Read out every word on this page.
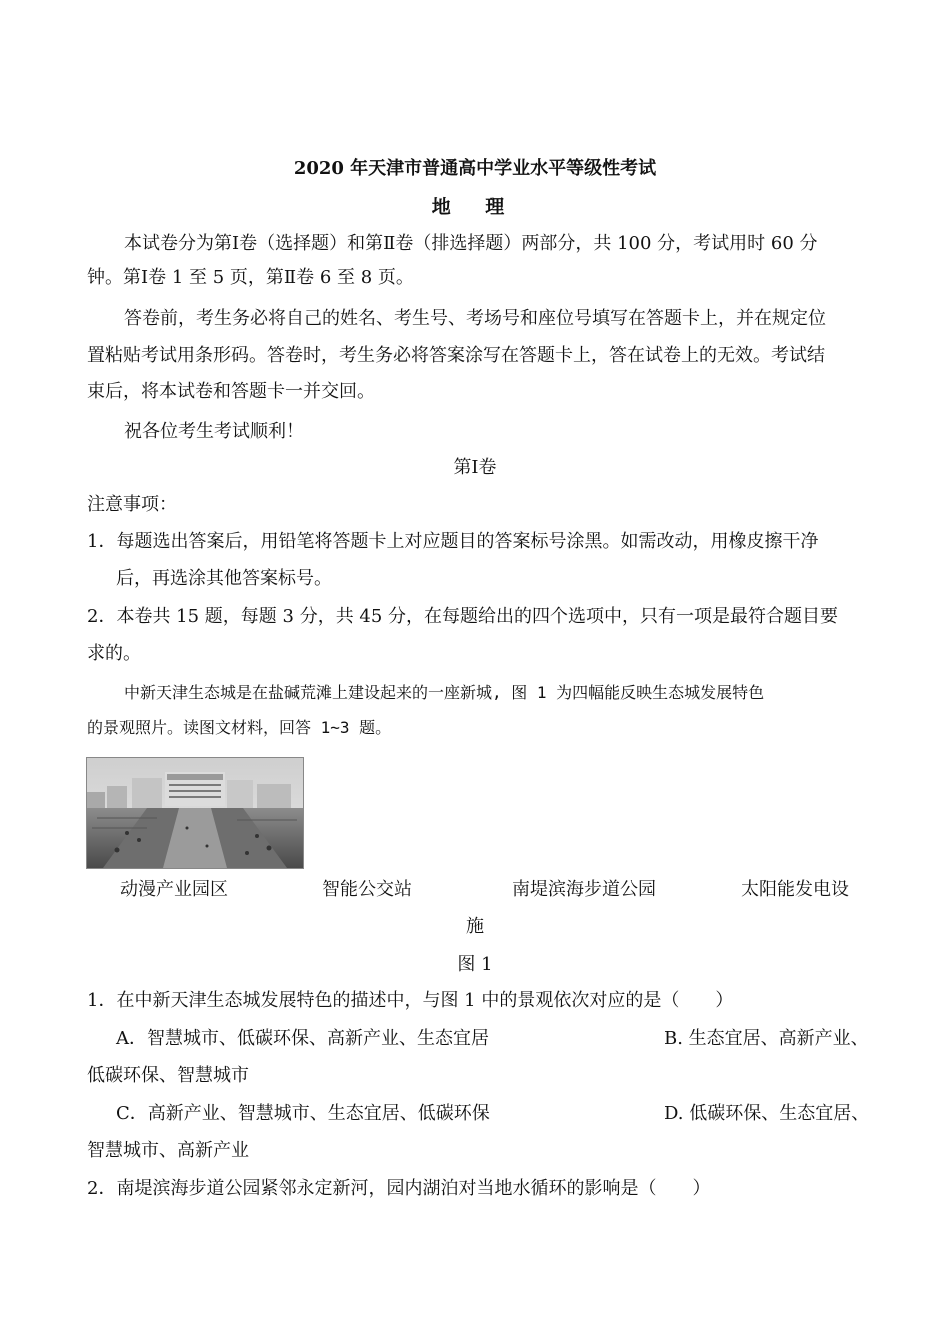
2020 年天津市普通高中学业水平等级性考试
地 理
本试卷分为第Ⅰ卷（选择题）和第Ⅱ卷（排选择题）两部分，共 100 分，考试用时 60 分
钟。第Ⅰ卷 1 至 5 页，第Ⅱ卷 6 至 8 页。
答卷前，考生务必将自己的姓名、考生号、考场号和座位号填写在答题卡上，并在规定位
置粘贴考试用条形码。答卷时，考生务必将答案涂写在答题卡上，答在试卷上的无效。考试结
束后，将本试卷和答题卡一并交回。
祝各位考生考试顺利！
第Ⅰ卷
注意事项：
1．每题选出答案后，用铅笔将答题卡上对应题目的答案标号涂黑。如需改动，用橡皮擦干净
后，再选涂其他答案标号。
2．本卷共 15 题，每题 3 分，共 45 分，在每题给出的四个选项中，只有一项是最符合题目要
求的。
中新天津生态城是在盐碱荒滩上建设起来的一座新城, 图 1 为四幅能反映生态城发展特色
的景观照片。读图文材料，回答 1~3 题。
动漫产业园区	智能公交站	南堤滨海步道公园	太阳能发电设
施
图 1
1．在中新天津生态城发展特色的描述中，与图 1 中的景观依次对应的是（　　）
A．智慧城市、低碳环保、高新产业、生态宜居	B. 生态宜居、高新产业、
低碳环保、智慧城市
C．高新产业、智慧城市、生态宜居、低碳环保	D. 低碳环保、生态宜居、
智慧城市、高新产业
2．南堤滨海步道公园紧邻永定新河，园内湖泊对当地水循环的影响是（　　）
